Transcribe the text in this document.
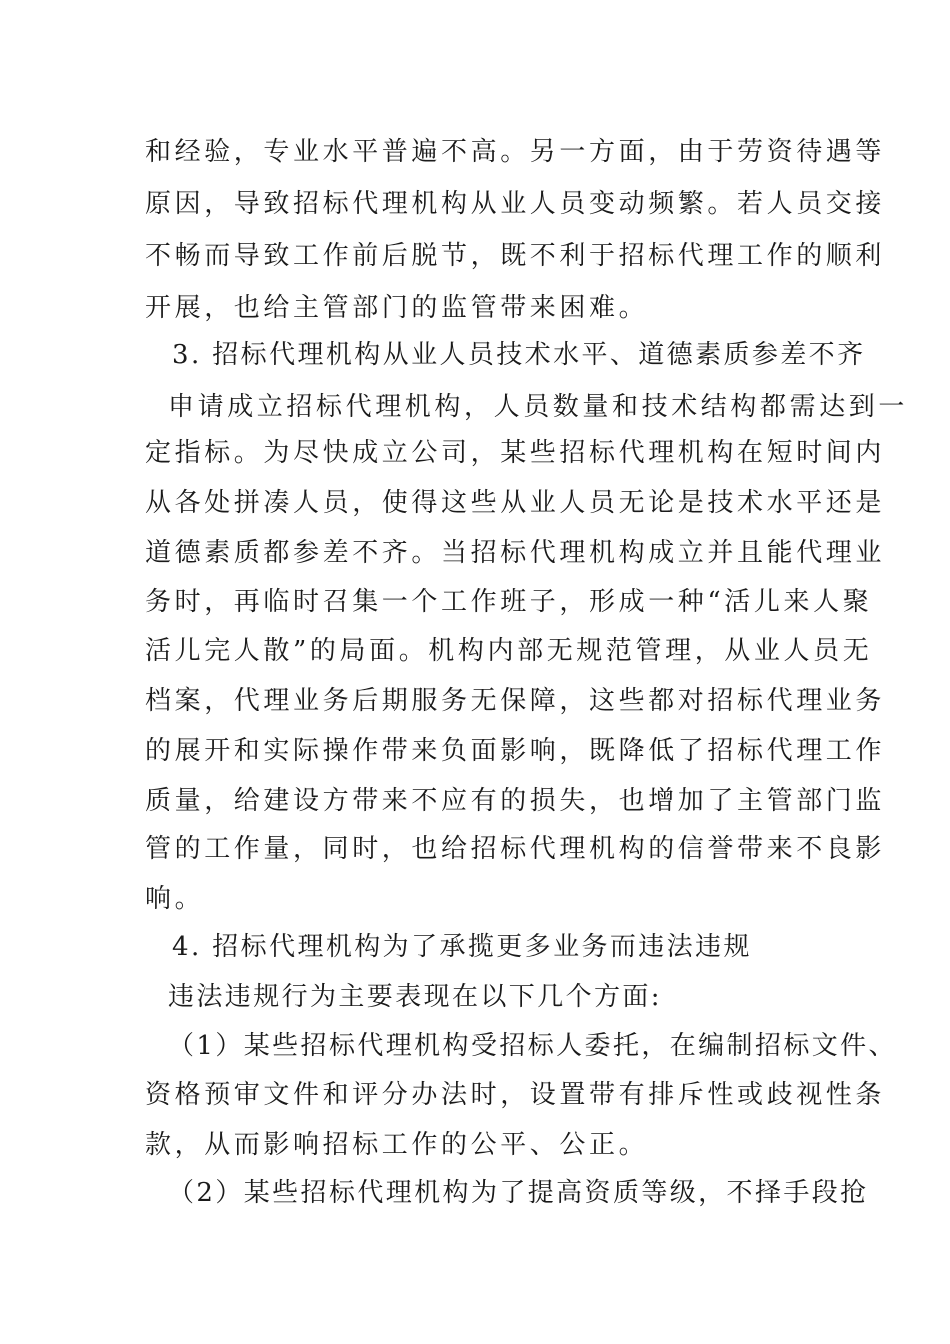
和经验，专业水平普遍不高。另一方面，由于劳资待遇等
原因，导致招标代理机构从业人员变动频繁。若人员交接
不畅而导致工作前后脱节，既不利于招标代理工作的顺利
开展，也给主管部门的监管带来困难。
3. 招标代理机构从业人员技术水平、道德素质参差不齐
申请成立招标代理机构，人员数量和技术结构都需达到一
定指标。为尽快成立公司，某些招标代理机构在短时间内
从各处拼凑人员，使得这些从业人员无论是技术水平还是
道德素质都参差不齐。当招标代理机构成立并且能代理业
务时，再临时召集一个工作班子，形成一种“活儿来人聚
活儿完人散”的局面。机构内部无规范管理，从业人员无
档案，代理业务后期服务无保障，这些都对招标代理业务
的展开和实际操作带来负面影响，既降低了招标代理工作
质量，给建设方带来不应有的损失，也增加了主管部门监
管的工作量，同时，也给招标代理机构的信誉带来不良影
响。
4. 招标代理机构为了承揽更多业务而违法违规
违法违规行为主要表现在以下几个方面:
（1）某些招标代理机构受招标人委托，在编制招标文件、
资格预审文件和评分办法时，设置带有排斥性或歧视性条
款，从而影响招标工作的公平、公正。
（2）某些招标代理机构为了提高资质等级，不择手段抢
